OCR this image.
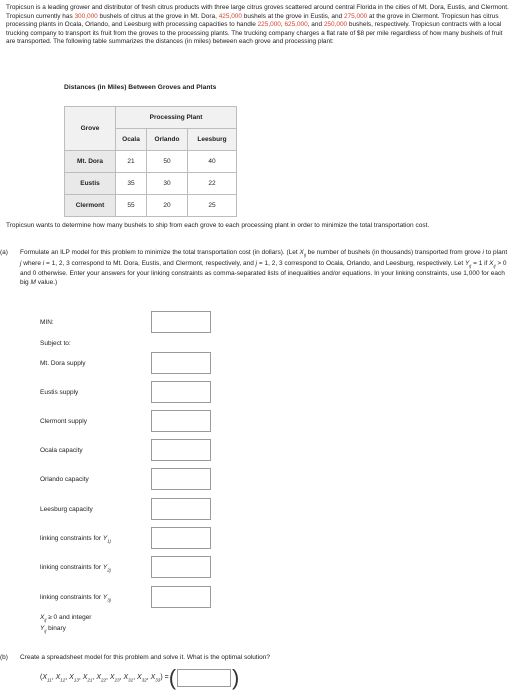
Tropicsun is a leading grower and distributor of fresh citrus products with three large citrus groves scattered around central Florida in the cities of Mt. Dora, Eustis, and Clermont. Tropicsun currently has 300,000 bushels of citrus at the grove in Mt. Dora, 425,000 bushels at the grove in Eustis, and 275,000 at the grove in Clermont. Tropicsun has citrus processing plants in Ocala, Orlando, and Leesburg with processing capacities to handle 225,000, 625,000, and 250,000 bushels, respectively. Tropicsun contracts with a local trucking company to transport its fruit from the groves to the processing plants. The trucking company charges a flat rate of $8 per mile regardless of how many bushels of fruit are transported. The following table summarizes the distances (in miles) between each grove and processing plant:

Distances (in Miles) Between Groves and Plants
Grove	Processing Plant		
	Ocala	Orlando	Leesburg
Mt. Dora	21	50	40
Eustis	35	30	22
Clermont	55	20	25

Tropicsun wants to determine how many bushels to ship from each grove to each processing plant in order to minimize the total transportation cost.

(a) Formulate an ILP model for this problem to minimize the total transportation cost (in dollars). (Let $X_{ij}$ be number of bushels (in thousands) transported from grove i to plant j where i = 1, 2, 3 correspond to Mt. Dora, Eustis, and Clermont, respectively, and j = 1, 2, 3 correspond to Ocala, Orlando, and Leesburg, respectively. Let $Y_{ij} = 1$ if $X_{ij} > 0$ and 0 otherwise. Enter your answers for your linking constraints as comma-separated lists of inequalities and/or equations. In your linking constraints, use 1,000 for each big M value.)
MIN:
Subject to:
Mt. Dora supply
Eustis supply
Clermont supply
Ocala capacity
Orlando capacity
Leesburg capacity
linking constraints for $Y_{1j}$
linking constraints for $Y_{2j}$
linking constraints for $Y_{3j}$
$X_{ij} \ge 0$ and integer
$Y_{ij}$ binary
(b) Create a spreadsheet model for this problem and solve it. What is the optimal solution?
($X_{11}$, $X_{12}$, $X_{13}$, $X_{21}$, $X_{22}$, $X_{23}$, $X_{31}$, $X_{32}$, $X_{33}$) = (	)
